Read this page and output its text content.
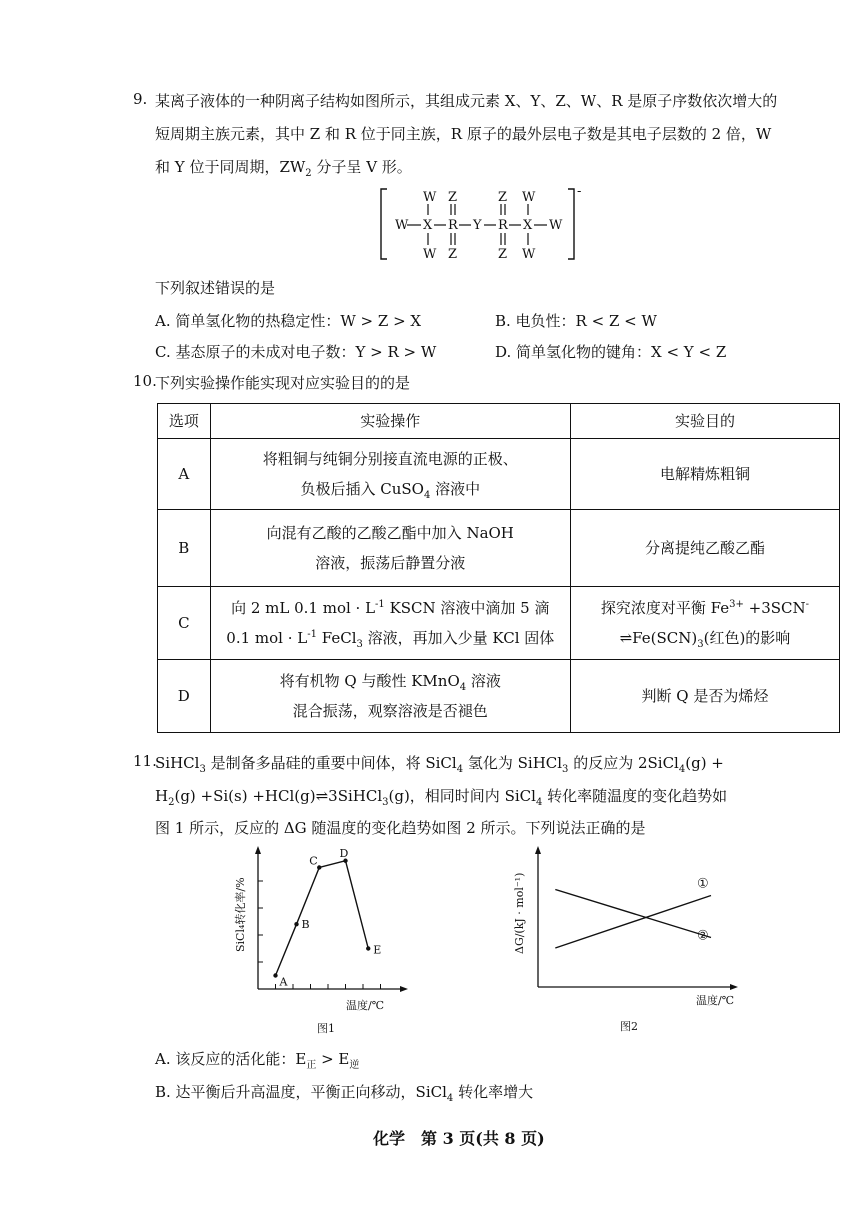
9. 某离子液体的一种阴离子结构如图所示，其组成元素 X、Y、Z、W、R 是原子序数依次增大的
短周期主族元素，其中 Z 和 R 位于同主族，R 原子的最外层电子数是其电子层数的 2 倍，W
和 Y 位于同周期，$ZW_2$ 分子呈 V 形。
-
W Z	Z W
W X R Y R X W
W Z	Z W
下列叙述错误的是
A. 简单氢化物的热稳定性：W > Z > X	B. 电负性：R < Z < W
C. 基态原子的未成对电子数：Y > R > W	D. 简单氢化物的键角：X < Y < Z
10.
下列实验操作能实现对应实验目的的是
选项	实验操作	实验目的
A	将粗铜与纯铜分别接直流电源的正极、
负极后插入 CuSO$_4$ 溶液中	电解精炼粗铜
B	向混有乙酸的乙酸乙酯中加入 NaOH
溶液，振荡后静置分液	分离提纯乙酸乙酯
C	向 2 mL 0.1 mol · $L^{-1}$ KSCN 溶液中滴加 5 滴
0.1 mol · $L^{-1}$ FeCl$_3$ 溶液，再加入少量 KCl 固体	探究浓度对平衡 $Fe^{3+} +3SCN^-$
$\rightleftharpoons Fe(SCN)_3$(红色)的影响
D	将有机物 Q 与酸性 KMnO$_4$ 溶液
混合振荡，观察溶液是否褪色	判断 Q 是否为烯烃
11.
SiHCl$_3$ 是制备多晶硅的重要中间体，将 SiCl$_4$ 氢化为 SiHCl$_3$ 的反应为 2SiCl$_4$(g) +
$H_2(g) +Si(s)$ +HCl(g)⇌3SiHCl$_3$(g)，相同时间内 SiCl$_4$ 转化率随温度的变化趋势如
图 1 所示，反应的 ΔG 随温度的变化趋势如图 2 所示。下列说法正确的是
A
B
C
D
E
SiCl₄转化率/%
温度/℃
图1
①
②
ΔG/(kJ · mol⁻¹)
温度/℃
图2
A. 该反应的活化能：$E_正 > E_逆$
B. 达平衡后升高温度，平衡正向移动，SiCl$_4$ 转化率增大
化学　第 3 页(共 8 页)
